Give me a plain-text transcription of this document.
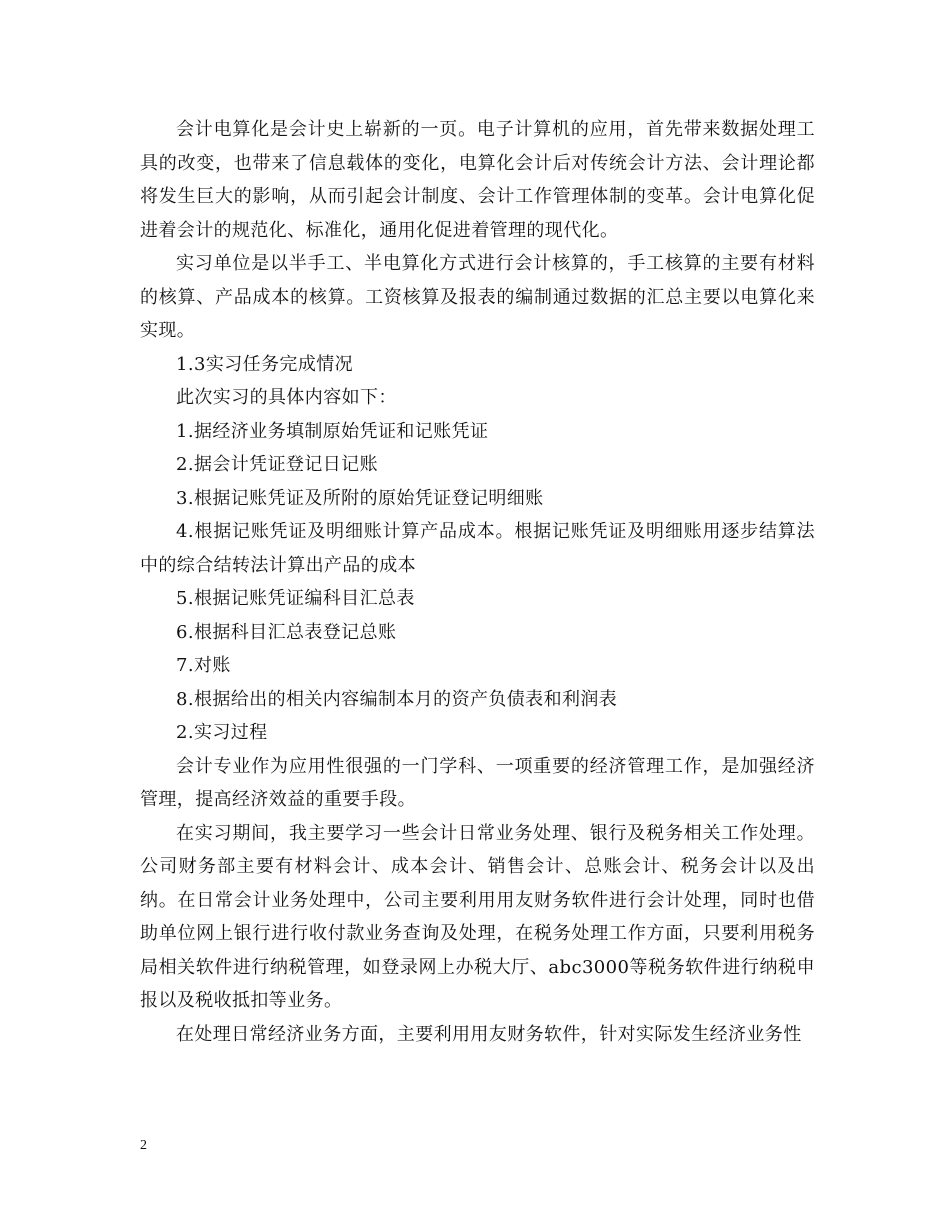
会计电算化是会计史上崭新的一页。电子计算机的应用，首先带来数据处理工具的改变，也带来了信息载体的变化，电算化会计后对传统会计方法、会计理论都将发生巨大的影响，从而引起会计制度、会计工作管理体制的变革。会计电算化促进着会计的规范化、标准化，通用化促进着管理的现代化。

实习单位是以半手工、半电算化方式进行会计核算的，手工核算的主要有材料的核算、产品成本的核算。工资核算及报表的编制通过数据的汇总主要以电算化来实现。

1.3实习任务完成情况

此次实习的具体内容如下：

1.据经济业务填制原始凭证和记账凭证

2.据会计凭证登记日记账

3.根据记账凭证及所附的原始凭证登记明细账

4.根据记账凭证及明细账计算产品成本。根据记账凭证及明细账用逐步结算法中的综合结转法计算出产品的成本

5.根据记账凭证编科目汇总表

6.根据科目汇总表登记总账

7.对账

8.根据给出的相关内容编制本月的资产负债表和利润表

2.实习过程

会计专业作为应用性很强的一门学科、一项重要的经济管理工作，是加强经济管理，提高经济效益的重要手段。

在实习期间，我主要学习一些会计日常业务处理、银行及税务相关工作处理。公司财务部主要有材料会计、成本会计、销售会计、总账会计、税务会计以及出纳。在日常会计业务处理中，公司主要利用用友财务软件进行会计处理，同时也借助单位网上银行进行收付款业务查询及处理，在税务处理工作方面，只要利用税务局相关软件进行纳税管理，如登录网上办税大厅、abc3000等税务软件进行纳税申报以及税收抵扣等业务。

在处理日常经济业务方面，主要利用用友财务软件，针对实际发生经济业务性

2
